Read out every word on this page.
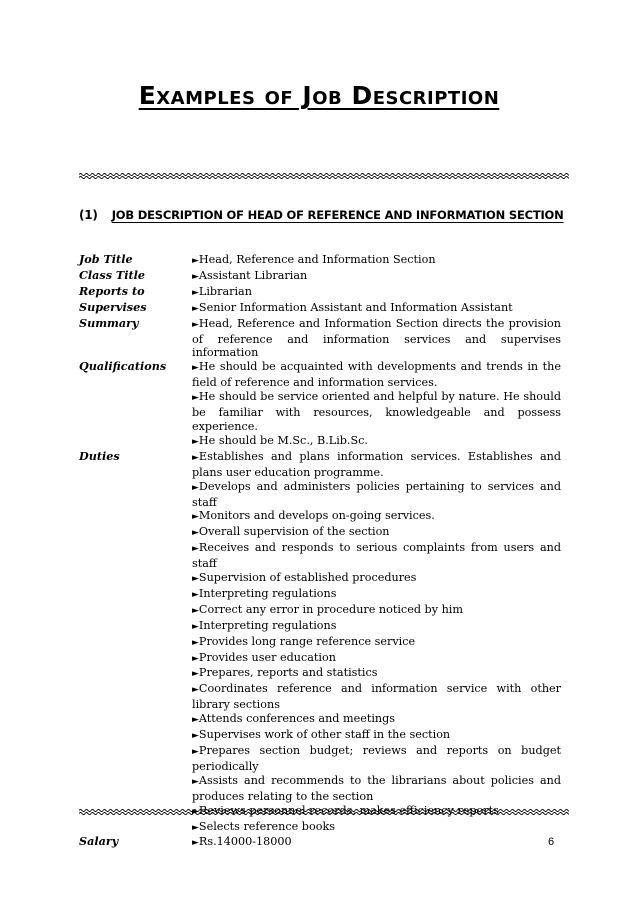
Examples of Job Description
(1) JOB DESCRIPTION OF HEAD OF REFERENCE AND INFORMATION SECTION
Job Title	►Head, Reference and Information Section
Class Title	►Assistant Librarian
Reports to	►Librarian
Supervises	►Senior Information Assistant and Information Assistant
Summary	►Head, Reference and Information Section directs the provision of reference and information services and supervises information
Qualifications	►He should be acquainted with developments and trends in the field of reference and information services.
►He should be service oriented and helpful by nature. He should be familiar with resources, knowledgeable and possess experience.
►He should be M.Sc., B.Lib.Sc.
Duties	►Establishes and plans information services. Establishes and plans user education programme.
►Develops and administers policies pertaining to services and staff
►Monitors and develops on-going services.
►Overall supervision of the section
►Receives and responds to serious complaints from users and staff
►Supervision of established procedures
►Interpreting regulations
►Correct any error in procedure noticed by him
►Interpreting regulations
►Provides long range reference service
►Provides user education
►Prepares, reports and statistics
►Coordinates reference and information service with other library sections
►Attends conferences and meetings
►Supervises work of other staff in the section
►Prepares section budget; reviews and reports on budget periodically
►Assists and recommends to the librarians about policies and produces relating to the section
►Selects reference books
Salary	►Rs.14000-18000	6
